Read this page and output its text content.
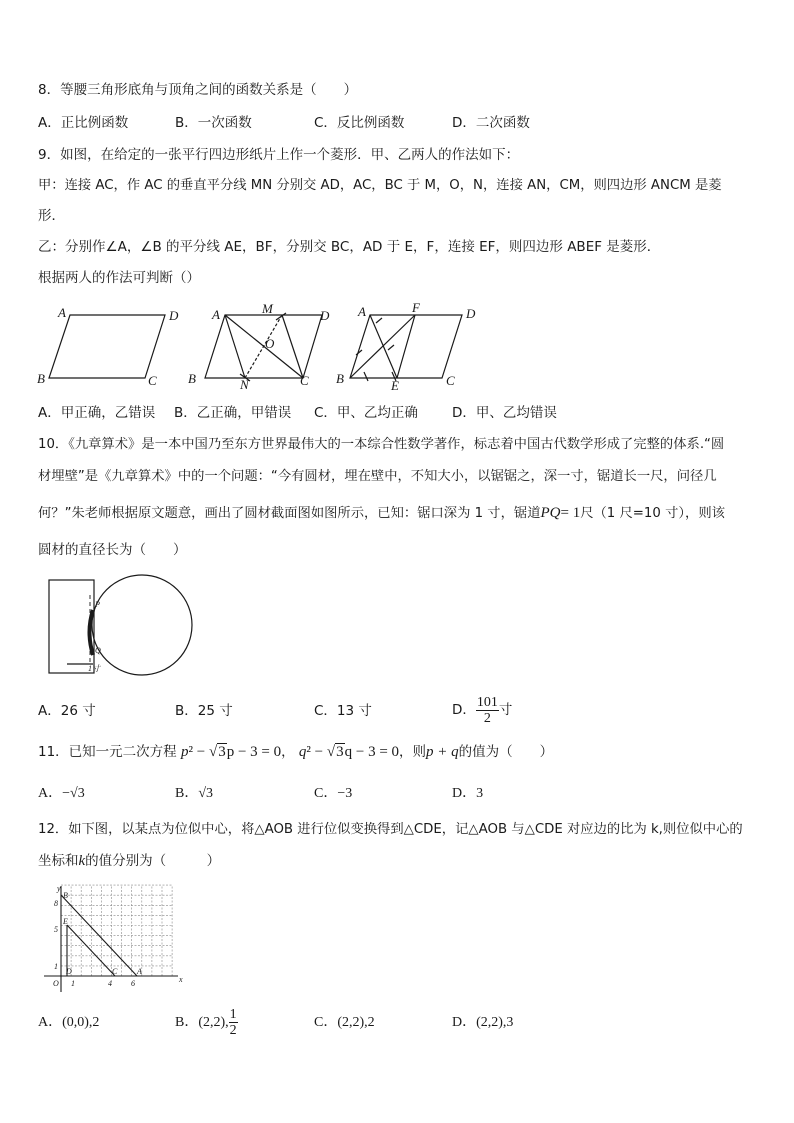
8．等腰三角形底角与顶角之间的函数关系是（　　）
A．正比例函数	B．一次函数	C．反比例函数	D．二次函数
9．如图，在给定的一张平行四边形纸片上作一个菱形．甲、乙两人的作法如下：
甲：连接 AC，作 AC 的垂直平分线 MN 分别交 AD，AC，BC 于 M，O，N，连接 AN，CM，则四边形 ANCM 是菱
形．
乙：分别作∠A，∠B 的平分线 AE，BF，分别交 BC，AD 于 E，F，连接 EF，则四边形 ABEF 是菱形．
根据两人的作法可判断（）
A	D
B	C
A	M	D
O
B	N	C
A	F	D
B	E	C
A．甲正确，乙错误 B．乙正确，甲错误 C．甲、乙均正确	D．甲、乙均错误
10．《九章算术》是一本中国乃至东方世界最伟大的一本综合性数学著作，标志着中国古代数学形成了完整的体系.“圆
材埋壁”是《九章算术》中的一个问题：“今有圆材，埋在壁中，不知大小，以锯锯之，深一寸，锯道长一尺，问径几
何？”朱老师根据原文题意，画出了圆材截面图如图所示，已知：锯口深为 1 寸，锯道PQ= 1尺（1 尺=10 寸），则该
圆材的直径长为（　　）
P
Q
1寸
A．26 寸	B．25 寸	C．13 寸	D． $\frac{101}{2}$ 寸
11．已知一元二次方程 p² − √3p − 3 = 0， q² − √3q − 3 = 0，则p + q的值为（　　）
A．−√3	B．√3	C．−3	D．3
12．如下图，以某点为位似中心，将△AOB 进行位似变换得到△CDE，记△AOB 与△CDE 对应边的比为 k,则位似中心的
坐标和k的值分别为（　　　）
y
x
O
B
E
D	C A
8
5
1
1	4 6
A．(0,0),2	B．(2,2), $\frac{1}{2}$	C．(2,2),2	D．(2,2),3
